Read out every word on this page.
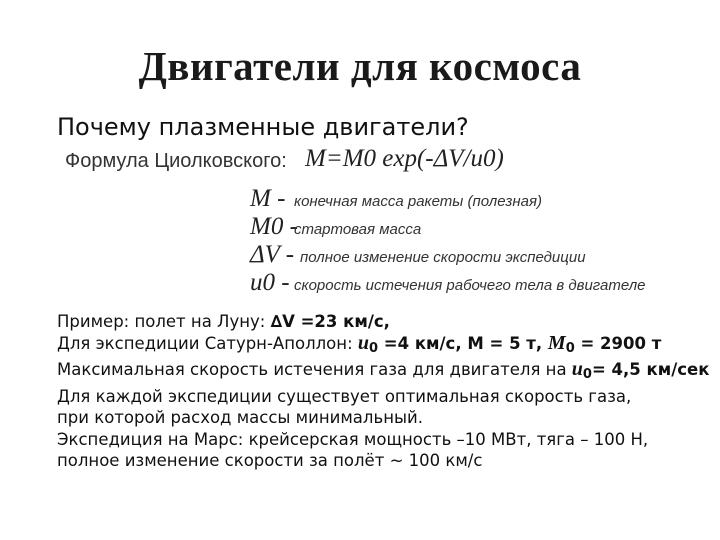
Двигатели для космоса
Почему плазменные двигатели?
Формула Циолковского: M=M0 exp(-ΔV/u0)
M - конечная масса ракеты (полезная)
M0 -
стартовая масса
ΔV - полное изменение скорости экспедиции
u0 - скорость истечения рабочего тела в двигателе
Пример: полет на Луну: ∆V =23 км/с,
Для экспедиции Сатурн-Аполлон: $u_0 =4$ км/с, M = 5 т, $M_0 = 2900$ т
Максимальная скорость истечения газа для двигателя на $u_0= 4,5$ км/сек
Для каждой экспедиции существует оптимальная скорость газа,
при которой расход массы минимальный.
Экспедиция на Марс: крейсерская мощность –10 МВт, тяга – 100 Н,
полное изменение скорости за полёт ~ 100 км/с
